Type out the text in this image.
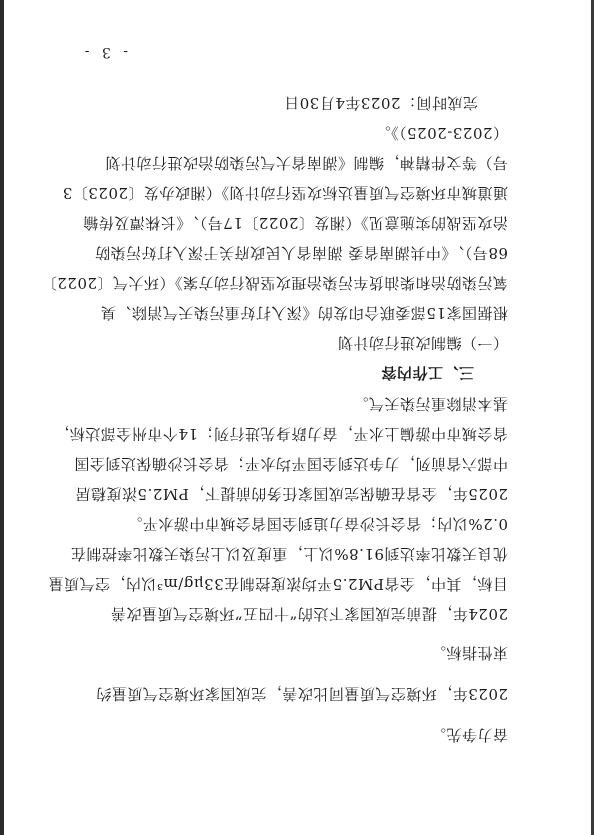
奋力争先。
2023年，环境空气质量同比改善，完成国家环境空气质量约
束性指标。
2024年，提前完成国家下达的“十四五”环境空气质量改善
目标，其中，全省PM2.5平均浓度控制在33μg/m³以内，空气质量
优良天数比率达到91.8%以上，重度及以上污染天数比率控制在
0.2%以内；省会长沙奋力追到全国省会城市中游水平。
2025年，全省在确保完成国家任务的前提下，PM2.5浓度稳居
中部六省前列，力争达到全国平均水平；省会长沙确保达到全国
省会城市中游偏上水平，奋力跻身先进行列；14个市州全部达标，
基本消除重污染天气。
三、工作内容
（一）编制改进行动计划
根据国家15部委联合印发的《深入打好重污染天气消除、臭
氧污染防治和柴油货车污染治理攻坚战行动方案》（环大气〔2022〕
68号）、《中共湖南省委 湖南省人民政府关于深入打好污染防
治攻坚战的实施意见》（湘发〔2022〕17号）、《长株潭及传输
通道城市环境空气质量达标攻坚行动计划》（湘政办发〔2023〕3
号）等文件精神，编制《湖南省大气污染防治改进行动计划
（2023-2025）》。
完成时间：2023年4月30日
- 3 -
